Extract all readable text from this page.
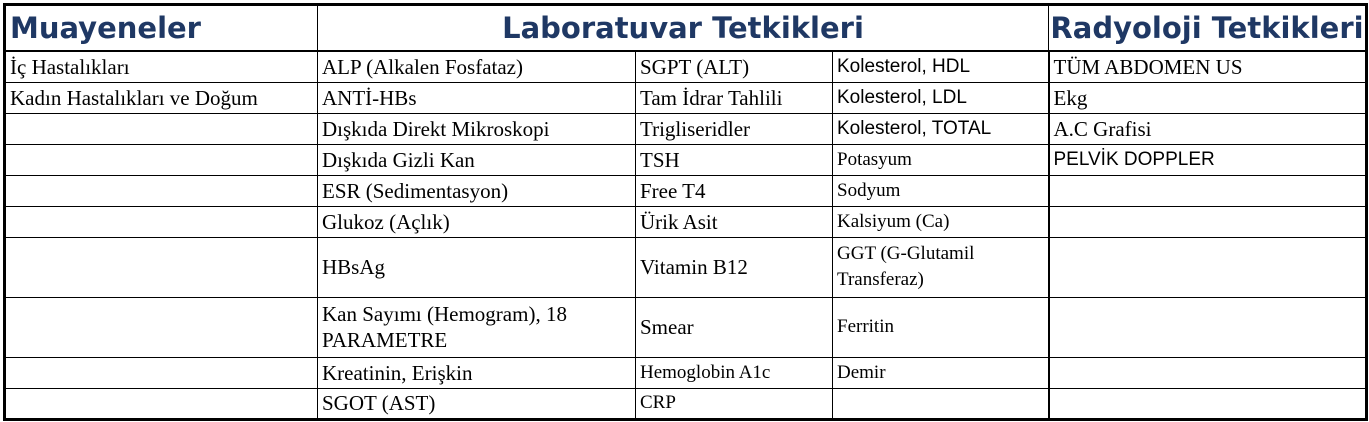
Muayeneler	Laboratuvar Tetkikleri			Radyoloji Tetkikleri
İç Hastalıkları	ALP (Alkalen Fosfataz)	SGPT (ALT)	Kolesterol, HDL	TÜM ABDOMEN US
Kadın Hastalıkları ve Doğum	ANTİ-HBs	Tam İdrar Tahlili	Kolesterol, LDL	Ekg
	Dışkıda Direkt Mikroskopi	Trigliseridler	Kolesterol, TOTAL	A.C Grafisi
	Dışkıda Gizli Kan	TSH	Potasyum	PELVİK DOPPLER
	ESR (Sedimentasyon)	Free T4	Sodyum	
	Glukoz (Açlık)	Ürik Asit	Kalsiyum (Ca)	
	HBsAg	Vitamin B12	GGT (G-Glutamil Transferaz)	
	Kan Sayımı (Hemogram), 18 PARAMETRE	Smear	Ferritin	
	Kreatinin, Erişkin	Hemoglobin A1c	Demir	
	SGOT (AST)	CRP		
